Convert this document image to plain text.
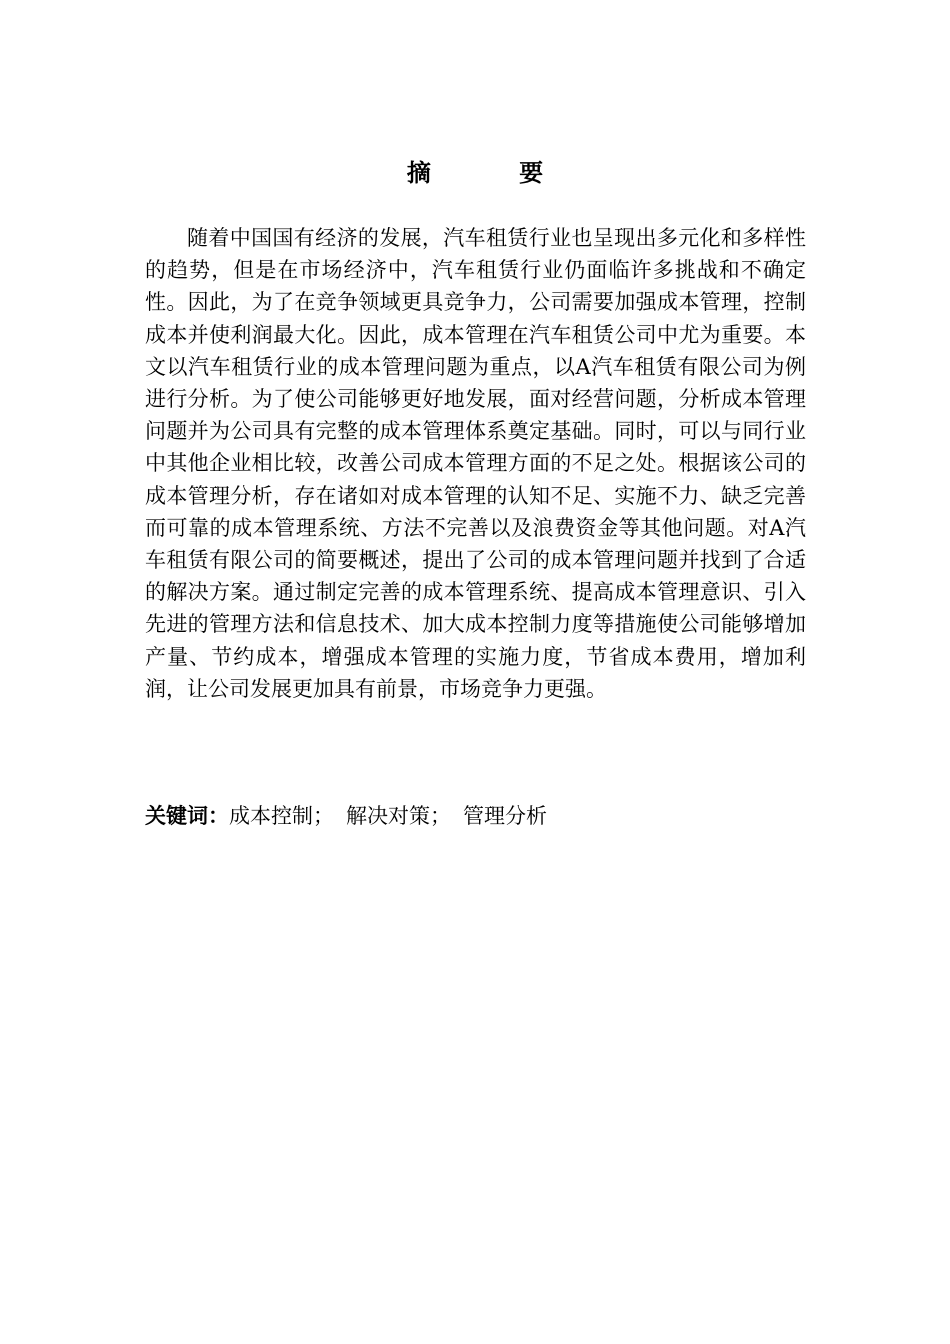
摘 要

随着中国国有经济的发展，汽车租赁行业也呈现出多元化和多样性的趋势，但是在市场经济中，汽车租赁行业仍面临许多挑战和不确定性。因此，为了在竞争领域更具竞争力，公司需要加强成本管理，控制成本并使利润最大化。因此，成本管理在汽车租赁公司中尤为重要。本文以汽车租赁行业的成本管理问题为重点，以A汽车租赁有限公司为例进行分析。为了使公司能够更好地发展，面对经营问题，分析成本管理问题并为公司具有完整的成本管理体系奠定基础。同时，可以与同行业中其他企业相比较，改善公司成本管理方面的不足之处。根据该公司的成本管理分析，存在诸如对成本管理的认知不足、实施不力、缺乏完善而可靠的成本管理系统、方法不完善以及浪费资金等其他问题。对A汽车租赁有限公司的简要概述，提出了公司的成本管理问题并找到了合适的解决方案。通过制定完善的成本管理系统、提高成本管理意识、引入先进的管理方法和信息技术、加大成本控制力度等措施使公司能够增加产量、节约成本，增强成本管理的实施力度，节省成本费用，增加利润，让公司发展更加具有前景，市场竞争力更强。

关键词：成本控制； 解决对策； 管理分析
